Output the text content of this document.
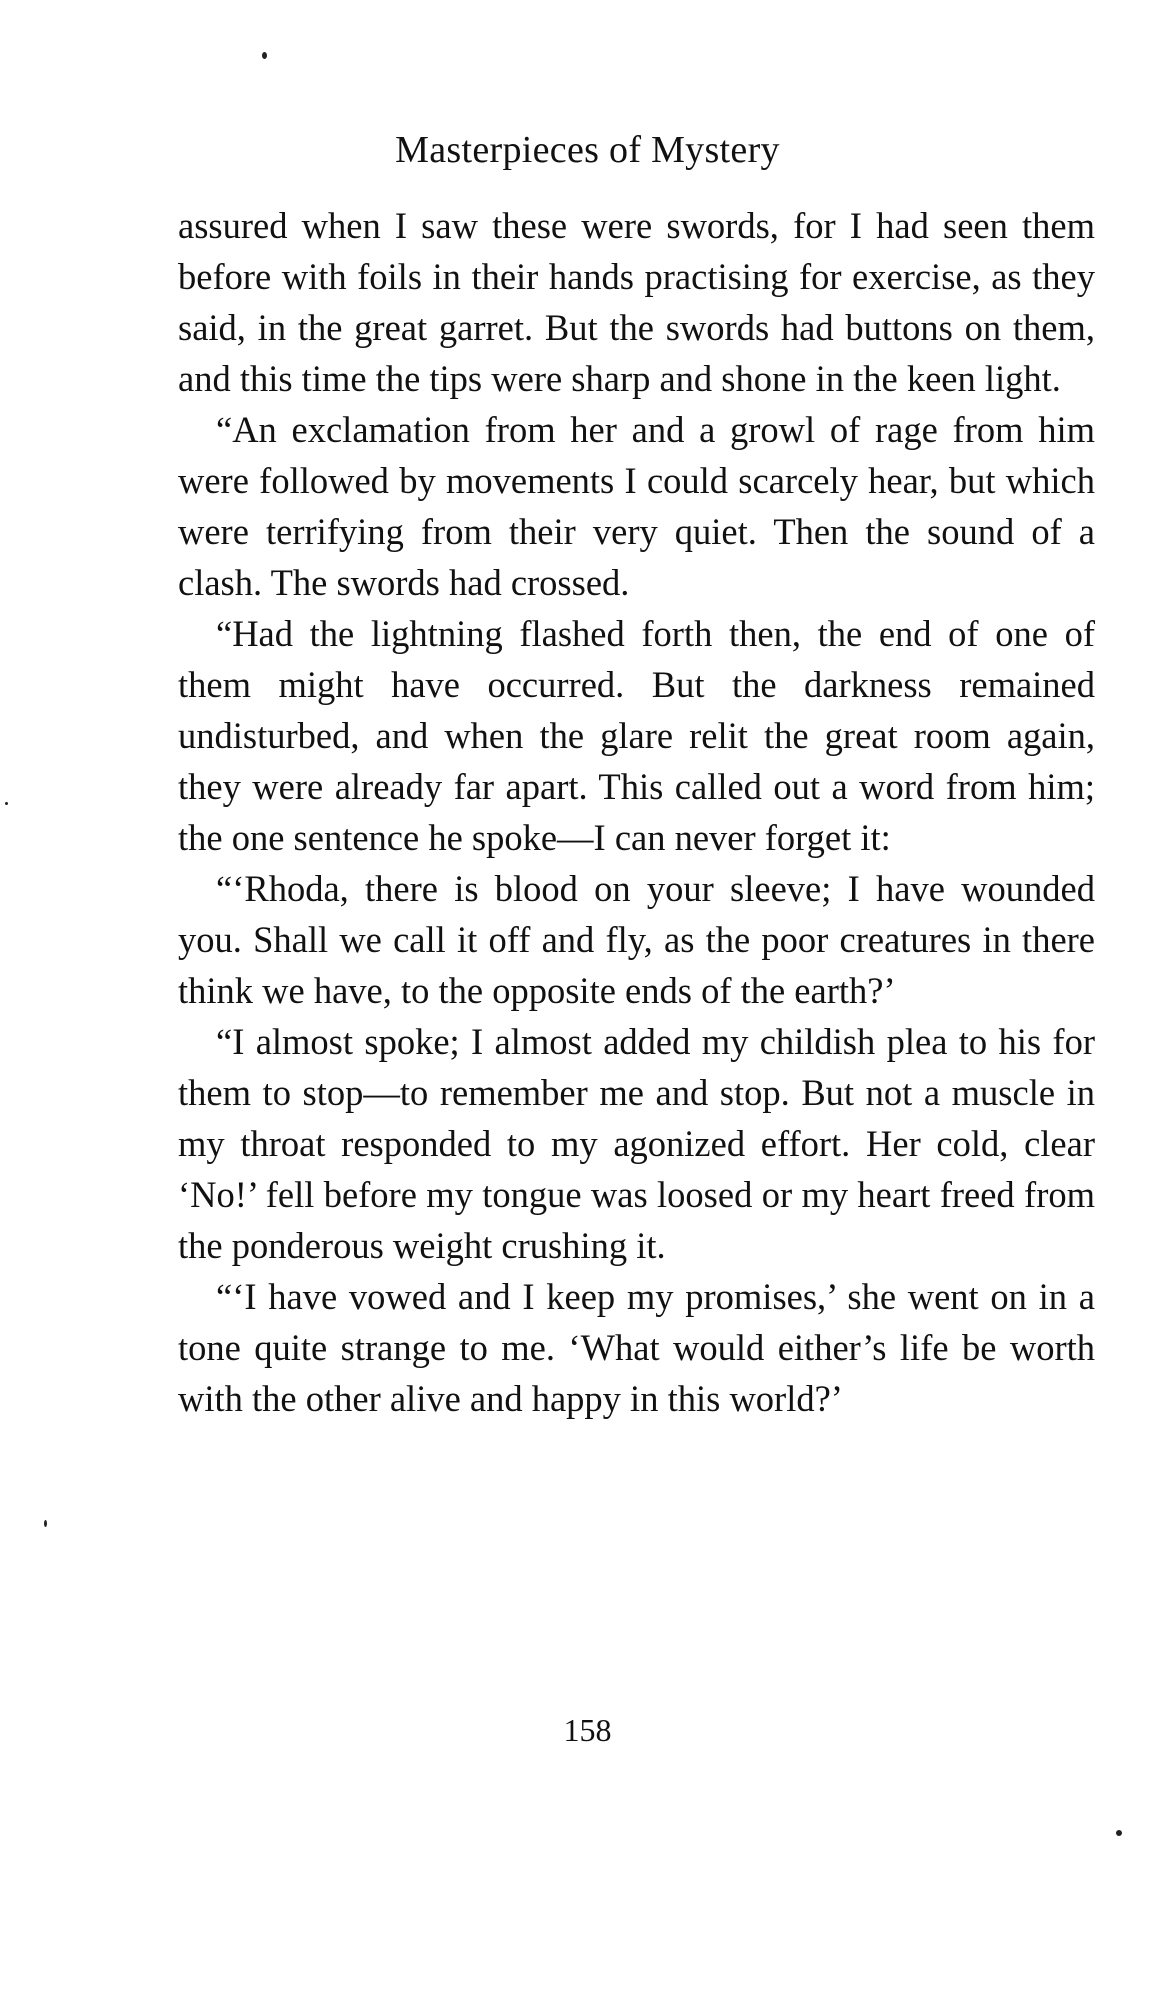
Masterpieces of Mystery

assured when I saw these were swords, for I had seen them before with foils in their hands practising for exercise, as they said, in the great garret. But the swords had buttons on them, and this time the tips were sharp and shone in the keen light.

“An exclamation from her and a growl of rage from him were followed by movements I could scarcely hear, but which were terrifying from their very quiet. Then the sound of a clash. The swords had crossed.

“Had the lightning flashed forth then, the end of one of them might have occurred. But the darkness remained undisturbed, and when the glare relit the great room again, they were already far apart. This called out a word from him; the one sentence he spoke—I can never forget it:

“‘Rhoda, there is blood on your sleeve; I have wounded you. Shall we call it off and fly, as the poor creatures in there think we have, to the opposite ends of the earth?’

“I almost spoke; I almost added my childish plea to his for them to stop—to remember me and stop. But not a muscle in my throat responded to my agonized effort. Her cold, clear ‘No!’ fell before my tongue was loosed or my heart freed from the ponderous weight crushing it.

“‘I have vowed and I keep my promises,’ she went on in a tone quite strange to me. ‘What would either’s life be worth with the other alive and happy in this world?’

158
